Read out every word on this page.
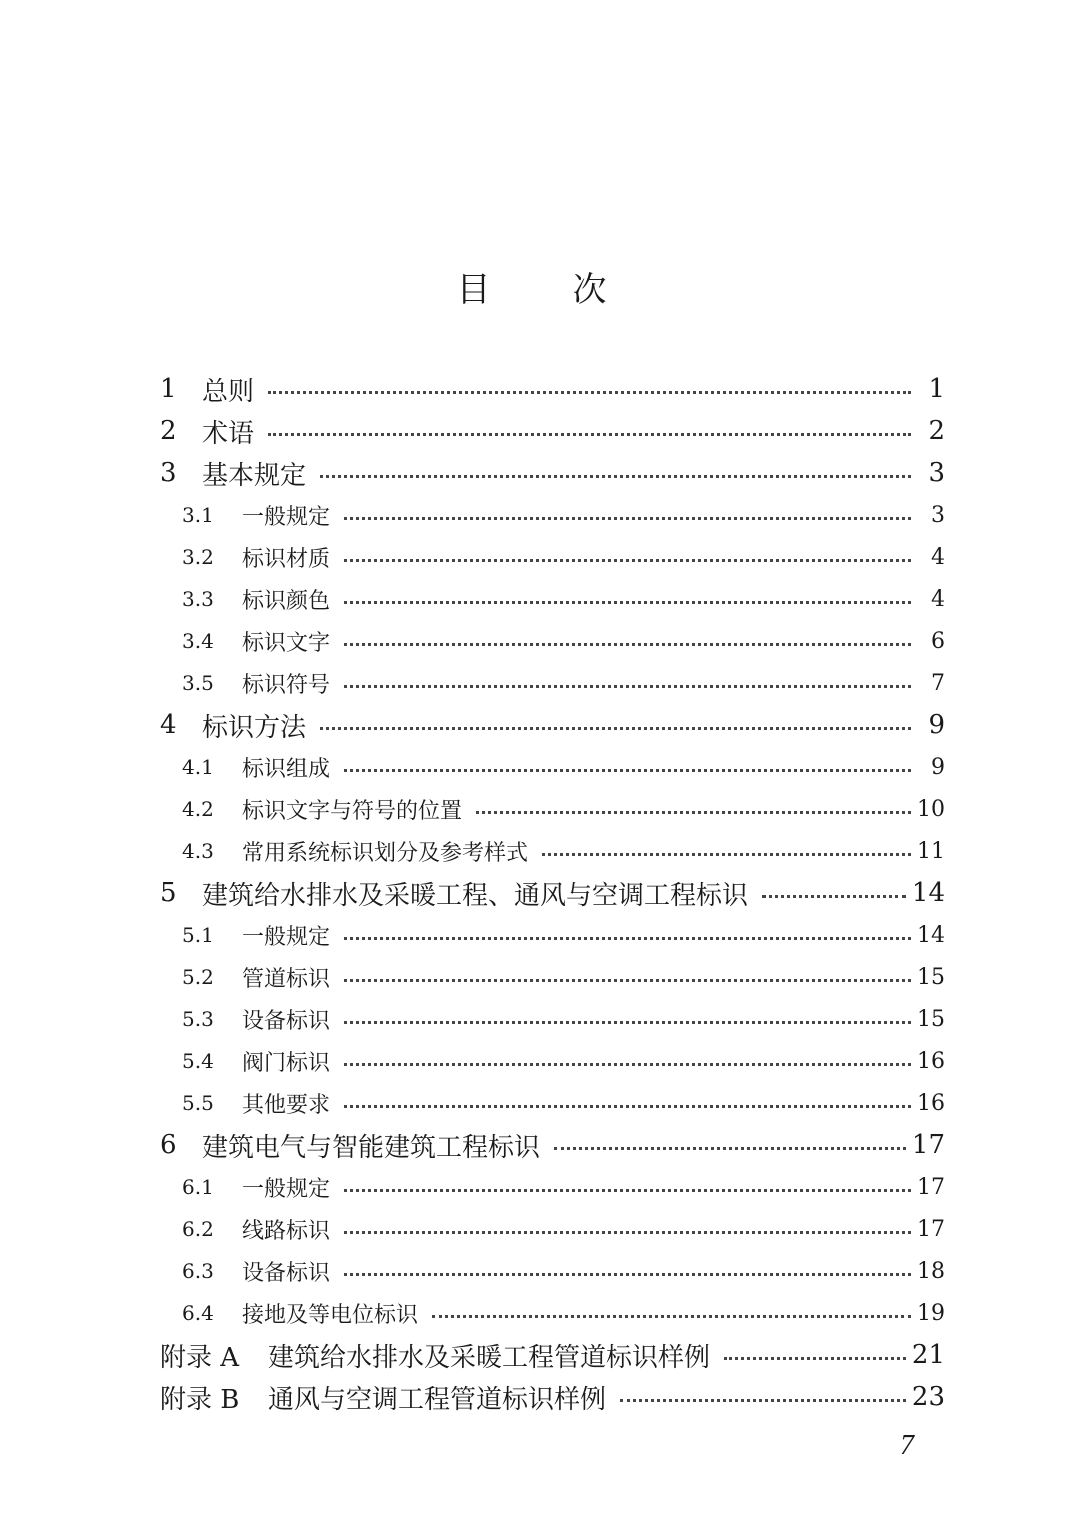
目 次
1 总则	1
2 术语	2
3 基本规定	3
3.1	一般规定	3
3.2	标识材质	4
3.3	标识颜色	4
3.4	标识文字	6
3.5	标识符号	7
4 标识方法	9
4.1	标识组成	9
4.2	标识文字与符号的位置	10
4.3	常用系统标识划分及参考样式	11
5 建筑给水排水及采暖工程、通风与空调工程标识	14
5.1	一般规定	14
5.2	管道标识	15
5.3	设备标识	15
5.4	阀门标识	16
5.5	其他要求	16
6 建筑电气与智能建筑工程标识	17
6.1	一般规定	17
6.2	线路标识	17
6.3	设备标识	18
6.4	接地及等电位标识	19
附录 A	建筑给水排水及采暖工程管道标识样例	21
附录 B	通风与空调工程管道标识样例	23
7
